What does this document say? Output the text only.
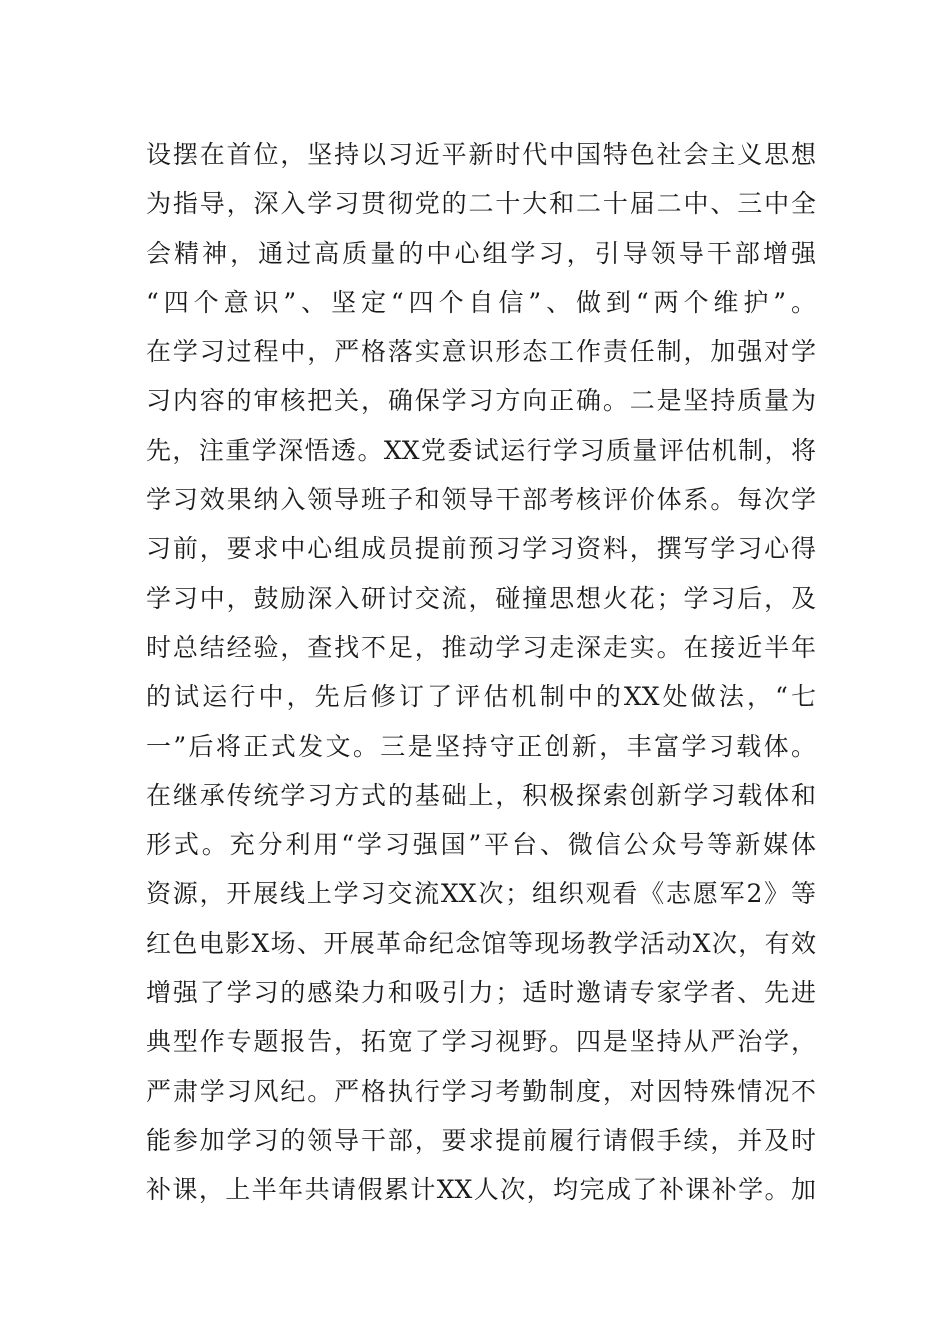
设摆在首位，坚持以习近平新时代中国特色社会主义思想
为指导，深入学习贯彻党的二十大和二十届二中、三中全
会精神，通过高质量的中心组学习，引导领导干部增强
“四个意识”、坚定“四个自信”、做到“两个维护”。
在学习过程中，严格落实意识形态工作责任制，加强对学
习内容的审核把关，确保学习方向正确。二是坚持质量为
先，注重学深悟透。XX党委试运行学习质量评估机制，将
学习效果纳入领导班子和领导干部考核评价体系。每次学
习前，要求中心组成员提前预习学习资料，撰写学习心得
学习中，鼓励深入研讨交流，碰撞思想火花；学习后，及
时总结经验，查找不足，推动学习走深走实。在接近半年
的试运行中，先后修订了评估机制中的XX处做法，“七
一”后将正式发文。三是坚持守正创新，丰富学习载体。
在继承传统学习方式的基础上，积极探索创新学习载体和
形式。充分利用“学习强国”平台、微信公众号等新媒体
资源，开展线上学习交流XX次；组织观看《志愿军2》等
红色电影X场、开展革命纪念馆等现场教学活动X次，有效
增强了学习的感染力和吸引力；适时邀请专家学者、先进
典型作专题报告，拓宽了学习视野。四是坚持从严治学，
严肃学习风纪。严格执行学习考勤制度，对因特殊情况不
能参加学习的领导干部，要求提前履行请假手续，并及时
补课，上半年共请假累计XX人次，均完成了补课补学。加
